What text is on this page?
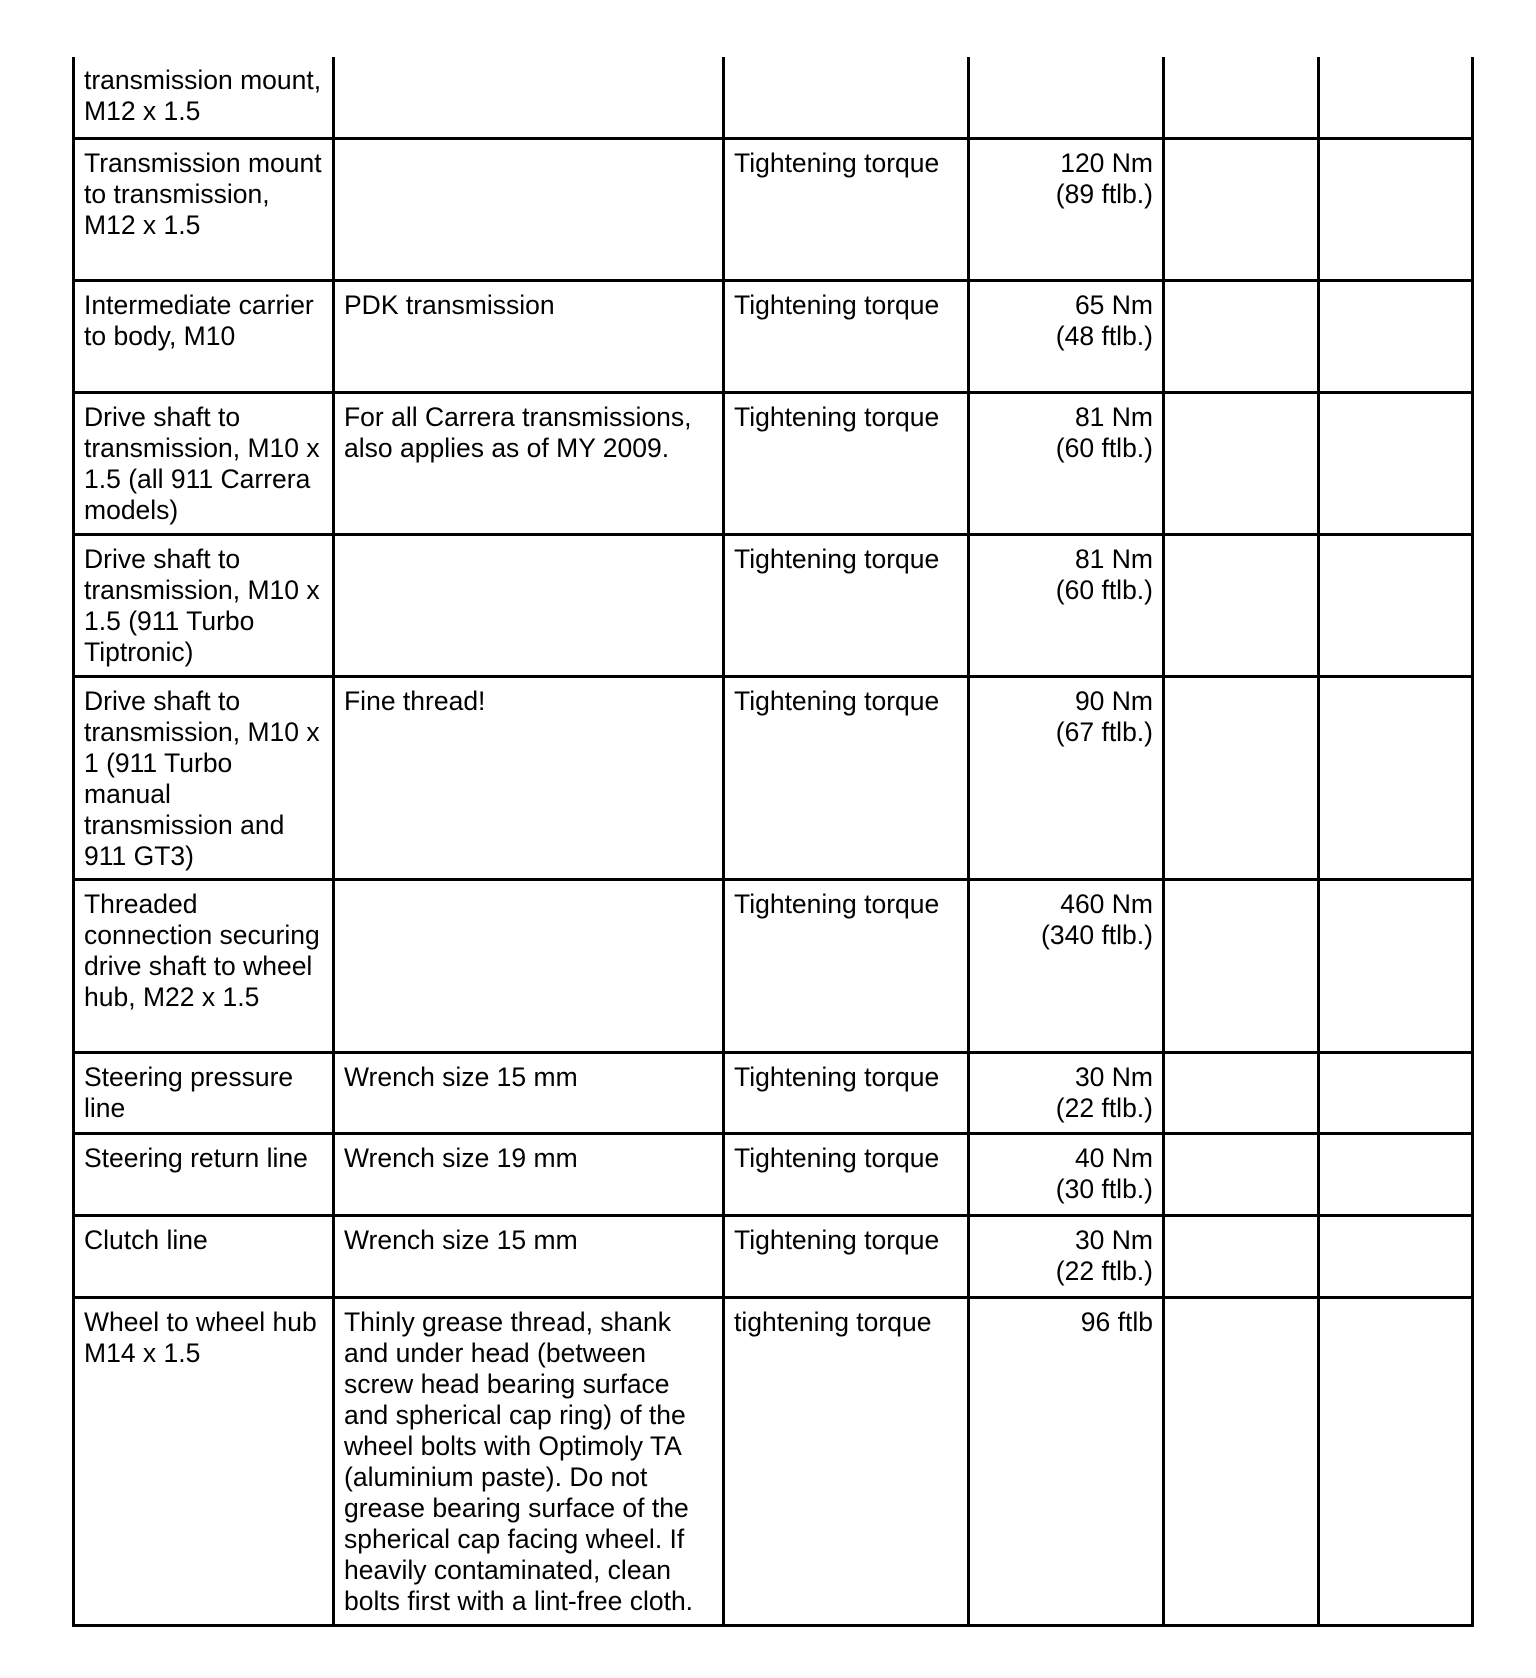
transmission mount, M12 x 1.5					
Transmission mount to transmission, M12 x 1.5		Tightening torque	120 Nm
(89 ftlb.)		

Intermediate carrier to body, M10	PDK transmission	Tightening torque	65 Nm
(48 ftlb.)		

Drive shaft to transmission, M10 x 1.5 (all 911 Carrera models)	For all Carrera transmissions, also applies as of MY 2009.	Tightening torque	81 Nm
(60 ftlb.)		

Drive shaft to transmission, M10 x 1.5 (911 Turbo Tiptronic)		Tightening torque	81 Nm
(60 ftlb.)		

Drive shaft to transmission, M10 x 1 (911 Turbo manual transmission and 911 GT3)	Fine thread!	Tightening torque	90 Nm
(67 ftlb.)		

Threaded connection securing drive shaft to wheel hub, M22 x 1.5		Tightening torque	460 Nm
(340 ftlb.)		

Steering pressure line	Wrench size 15 mm	Tightening torque	30 Nm
(22 ftlb.)		

Steering return line	Wrench size 19 mm	Tightening torque	40 Nm
(30 ftlb.)		

Clutch line	Wrench size 15 mm	Tightening torque	30 Nm
(22 ftlb.)		

Wheel to wheel hub M14 x 1.5	Thinly grease thread, shank and under head (between screw head bearing surface and spherical cap ring) of the wheel bolts with Optimoly TA (aluminium paste). Do not grease bearing surface of the spherical cap facing wheel. If heavily contaminated, clean bolts first with a lint-free cloth.	tightening torque	96 ftlb		
